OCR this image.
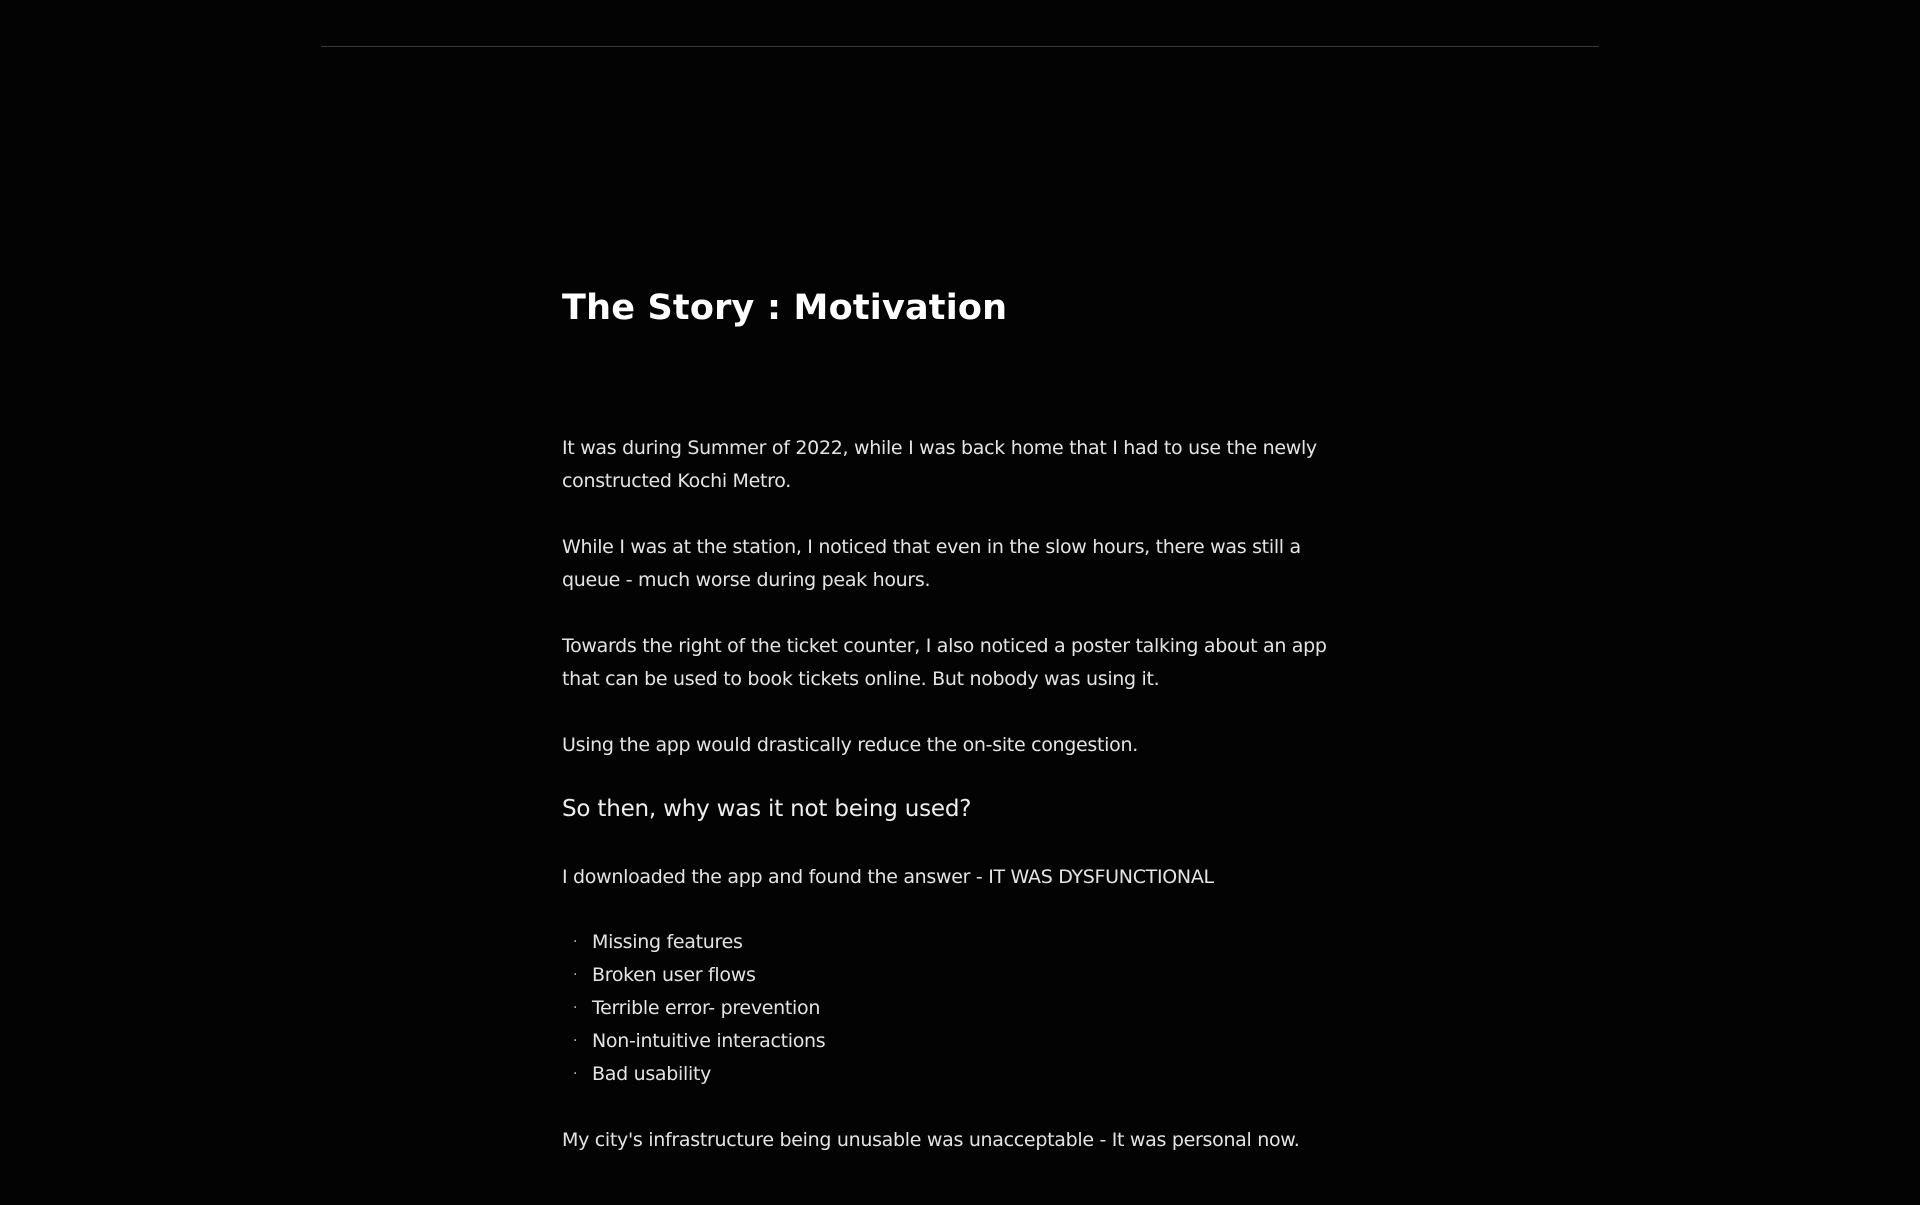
The Story : Motivation

It was during Summer of 2022, while I was back home that I had to use the newly constructed Kochi Metro.

While I was at the station, I noticed that even in the slow hours, there was still a queue - much worse during peak hours.

Towards the right of the ticket counter, I also noticed a poster talking about an app that can be used to book tickets online. But nobody was using it.

Using the app would drastically reduce the on-site congestion.

So then, why was it not being used?

I downloaded the app and found the answer - IT WAS DYSFUNCTIONAL

· Missing features
· Broken user flows
· Terrible error- prevention
· Non-intuitive interactions
· Bad usability

My city's infrastructure being unusable was unacceptable - It was personal now.
